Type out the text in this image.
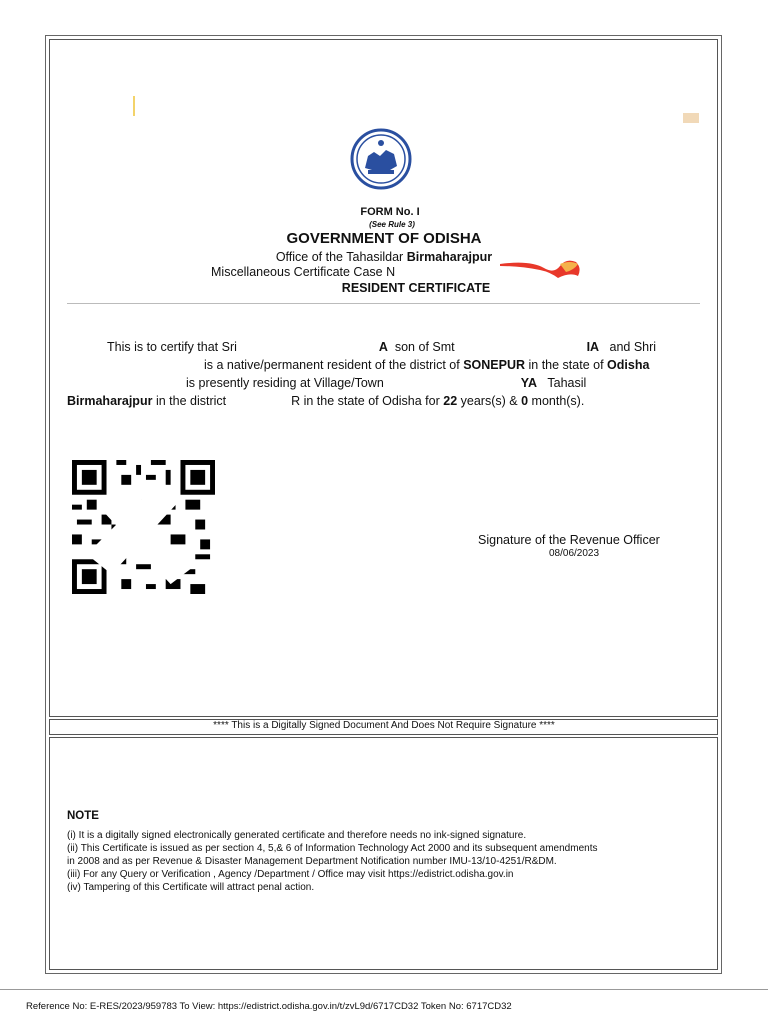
FORM No. I
(See Rule 3)
GOVERNMENT OF ODISHA
Office of the Tahasildar Birmaharajpur
Miscellaneous Certificate Case N
RESIDENT CERTIFICATE
This is to certify that Sri	A son of Smt	IA and Shri
is a native/permanent resident of the district of SONEPUR in the state of Odisha
is presently residing at Village/Town	YA Tahasil
Birmaharajpur in the district	R in the state of Odisha for 22 years(s) & 0 month(s).
Signature of the Revenue Officer
08/06/2023
**** This is a Digitally Signed Document And Does Not Require Signature ****
NOTE
(i) It is a digitally signed electronically generated certificate and therefore needs no ink-signed signature.
(ii) This Certificate is issued as per section 4, 5,& 6 of Information Technology Act 2000 and its subsequent amendments
in 2008 and as per Revenue & Disaster Management Department Notification number IMU-13/10-4251/R&DM.
(iii) For any Query or Verification , Agency /Department / Office may visit https://edistrict.odisha.gov.in
(iv) Tampering of this Certificate will attract penal action.
Reference No: E-RES/2023/959783 To View: https://edistrict.odisha.gov.in/t/zvL9d/6717CD32 Token No: 6717CD32
